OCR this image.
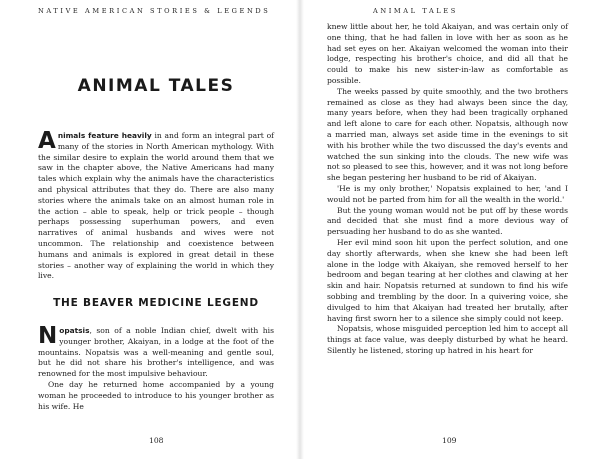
NATIVE AMERICAN STORIES & LEGENDS
ANIMAL TALES

Animals feature heavily in and form an integral part of many of the stories in North American mythology. With the similar desire to explain the world around them that we saw in the chapter above, the Native Americans had many tales which explain why the animals have the characteristics and physical attributes that they do. There are also many stories where the animals take on an almost human role in the action – able to speak, help or trick people – though perhaps possessing superhuman powers, and even narratives of animal husbands and wives were not uncommon. The relationship and coexistence between humans and animals is explored in great detail in these stories – another way of explaining the world in which they live.

THE BEAVER MEDICINE LEGEND

Nopatsis, son of a noble Indian chief, dwelt with his younger brother, Akaiyan, in a lodge at the foot of the mountains. Nopatsis was a well-meaning and gentle soul, but he did not share his brother's intelligence, and was renowned for the most impulsive behaviour.

One day he returned home accompanied by a young woman he proceeded to introduce to his younger brother as his wife. He

108
ANIMAL TALES

knew little about her, he told Akaiyan, and was certain only of one thing, that he had fallen in love with her as soon as he had set eyes on her. Akaiyan welcomed the woman into their lodge, respecting his brother's choice, and did all that he could to make his new sister-in-law as comfortable as possible.

The weeks passed by quite smoothly, and the two brothers remained as close as they had always been since the day, many years before, when they had been tragically orphaned and left alone to care for each other. Nopatsis, although now a married man, always set aside time in the evenings to sit with his brother while the two discussed the day's events and watched the sun sinking into the clouds. The new wife was not so pleased to see this, however, and it was not long before she began pestering her husband to be rid of Akaiyan.

'He is my only brother,' Nopatsis explained to her, 'and I would not be parted from him for all the wealth in the world.'

But the young woman would not be put off by these words and decided that she must find a more devious way of persuading her husband to do as she wanted.

Her evil mind soon hit upon the perfect solution, and one day shortly afterwards, when she knew she had been left alone in the lodge with Akaiyan, she removed herself to her bedroom and began tearing at her clothes and clawing at her skin and hair. Nopatsis returned at sundown to find his wife sobbing and trembling by the door. In a quivering voice, she divulged to him that Akaiyan had treated her brutally, after having first sworn her to a silence she simply could not keep.

Nopatsis, whose misguided perception led him to accept all things at face value, was deeply disturbed by what he heard. Silently he listened, storing up hatred in his heart for

109
